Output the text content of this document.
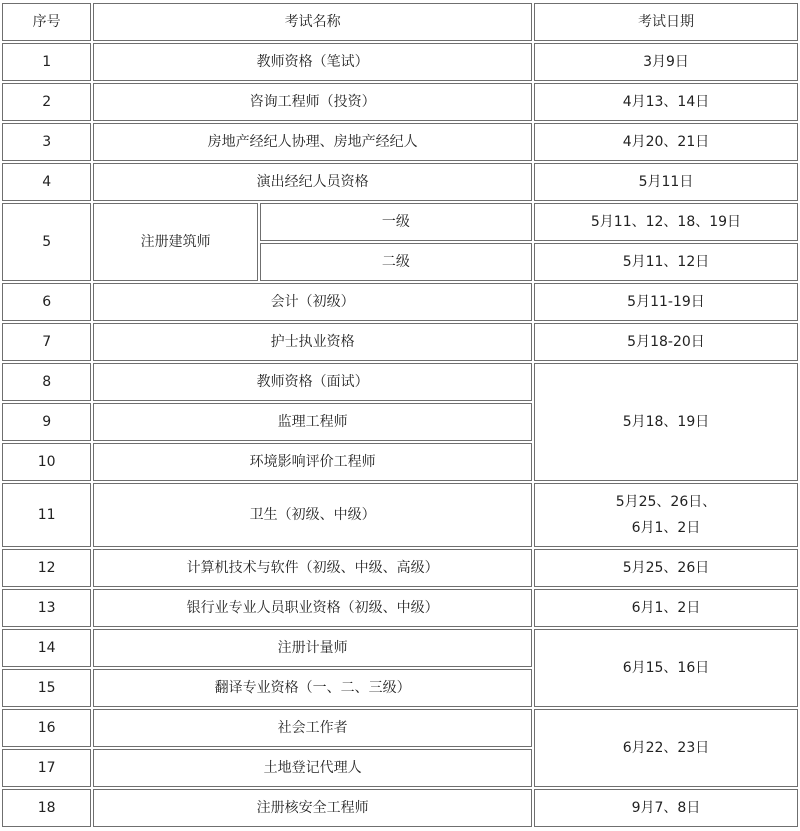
序号	考试名称		考试日期
1	教师资格（笔试）		3月9日
2	咨询工程师（投资）		4月13、14日
3	房地产经纪人协理、房地产经纪人		4月20、21日
4	演出经纪人员资格		5月11日
5	注册建筑师	一级	5月11、12、18、19日
		二级	5月11、12日
6	会计（初级）		5月11-19日
7	护士执业资格		5月18-20日
8	教师资格（面试）		5月18、19日
9	监理工程师		
10	环境影响评价工程师		
11	卫生（初级、中级）		5月25、26日、
6月1、2日

12	计算机技术与软件（初级、中级、高级）		5月25、26日
13	银行业专业人员职业资格（初级、中级）		6月1、2日
14	注册计量师		6月15、16日
15	翻译专业资格（一、二、三级）		
16	社会工作者		6月22、23日
17	土地登记代理人		
18	注册核安全工程师		9月7、8日
